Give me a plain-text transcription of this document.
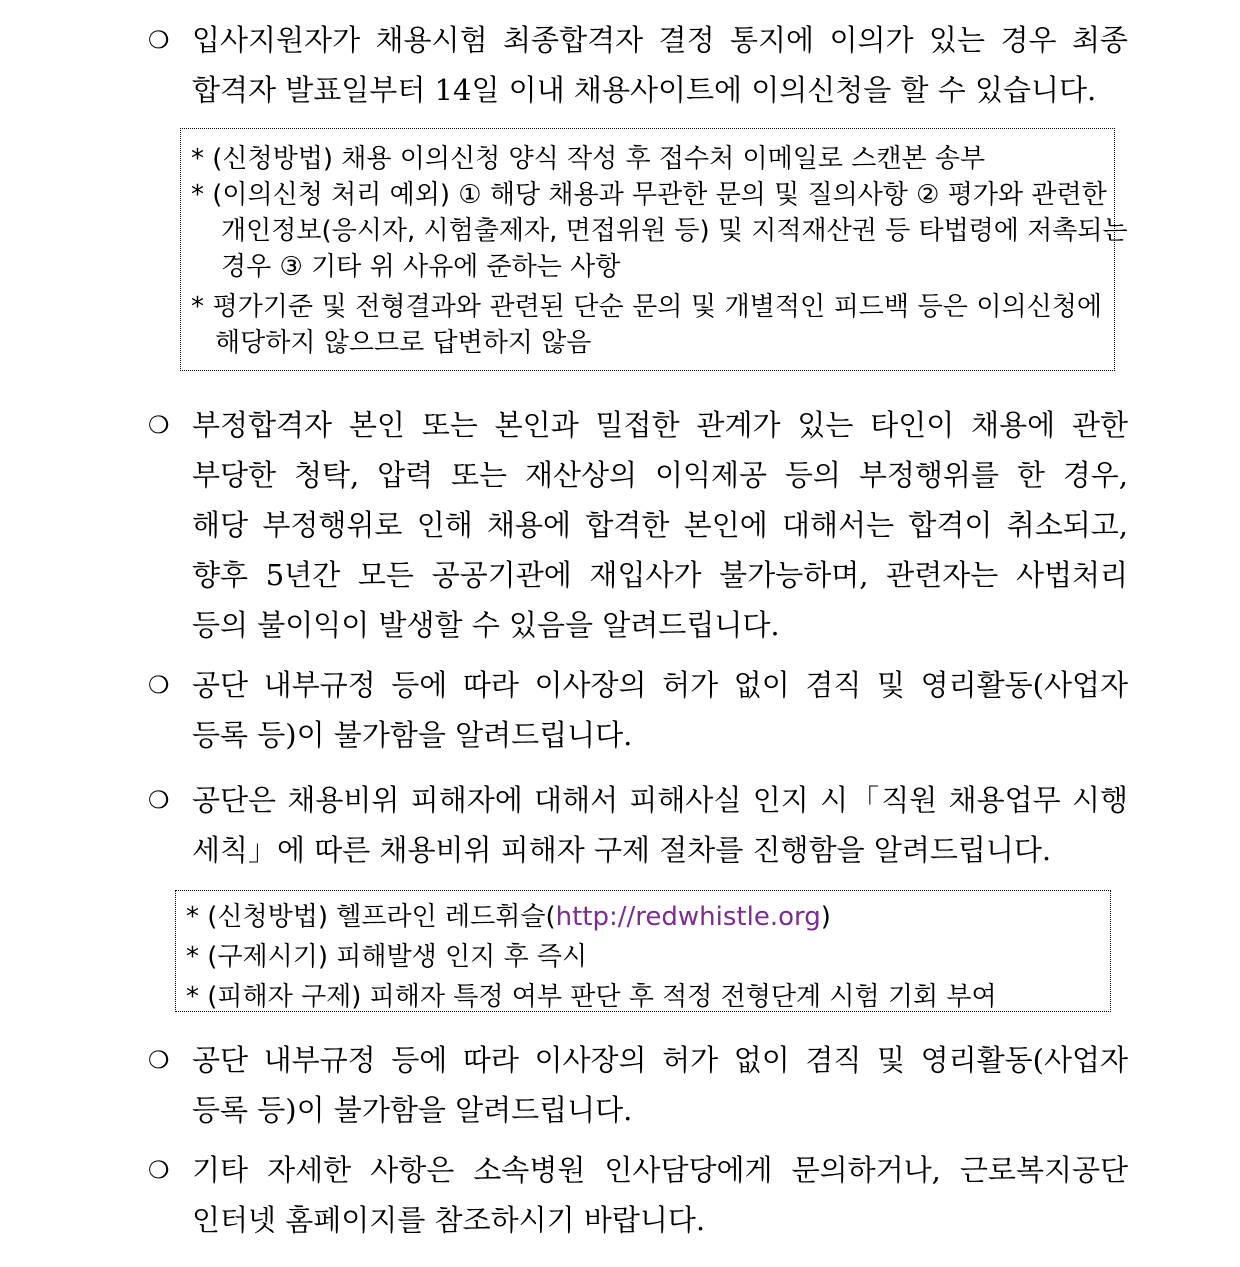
❍ 입사지원자가 채용시험 최종합격자 결정 통지에 이의가 있는 경우 최종
합격자 발표일부터 14일 이내 채용사이트에 이의신청을 할 수 있습니다.
* (신청방법) 채용 이의신청 양식 작성 후 접수처 이메일로 스캔본 송부
* (이의신청 처리 예외) ① 해당 채용과 무관한 문의 및 질의사항 ② 평가와 관련한
개인정보(응시자, 시험출제자, 면접위원 등) 및 지적재산권 등 타법령에 저촉되는
경우 ③ 기타 위 사유에 준하는 사항
* 평가기준 및 전형결과와 관련된 단순 문의 및 개별적인 피드백 등은 이의신청에
해당하지 않으므로 답변하지 않음
❍ 부정합격자 본인 또는 본인과 밀접한 관계가 있는 타인이 채용에 관한
부당한 청탁, 압력 또는 재산상의 이익제공 등의 부정행위를 한 경우,
해당 부정행위로 인해 채용에 합격한 본인에 대해서는 합격이 취소되고,
향후 5년간 모든 공공기관에 재입사가 불가능하며, 관련자는 사법처리
등의 불이익이 발생할 수 있음을 알려드립니다.
❍ 공단 내부규정 등에 따라 이사장의 허가 없이 겸직 및 영리활동(사업자
등록 등)이 불가함을 알려드립니다.
❍ 공단은 채용비위 피해자에 대해서 피해사실 인지 시「직원 채용업무 시행
세칙」에 따른 채용비위 피해자 구제 절차를 진행함을 알려드립니다.
* (신청방법) 헬프라인 레드휘슬(http://redwhistle.org)
* (구제시기) 피해발생 인지 후 즉시
* (피해자 구제) 피해자 특정 여부 판단 후 적정 전형단계 시험 기회 부여
❍ 공단 내부규정 등에 따라 이사장의 허가 없이 겸직 및 영리활동(사업자
등록 등)이 불가함을 알려드립니다.
❍ 기타 자세한 사항은 소속병원 인사담당에게 문의하거나, 근로복지공단
인터넷 홈페이지를 참조하시기 바랍니다.
